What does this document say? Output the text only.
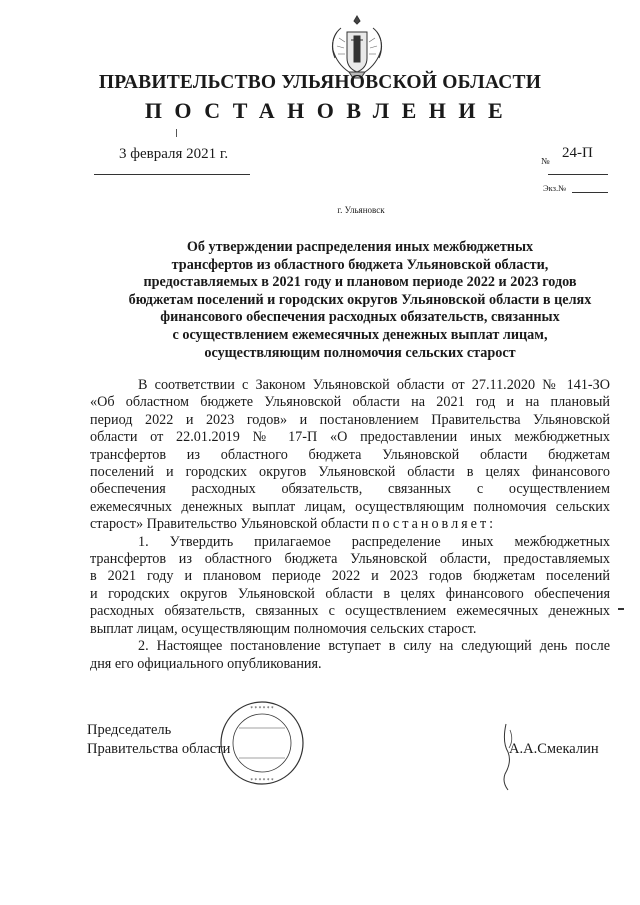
ПРАВИТЕЛЬСТВО УЛЬЯНОВСКОЙ ОБЛАСТИ
ПОСТАНОВЛЕНИЕ
3 февраля 2021 г.	№ 24-П
Экз.№
г. Ульяновск
Об утверждении распределения иных межбюджетных
трансфертов из областного бюджета Ульяновской области,
предоставляемых в 2021 году и плановом периоде 2022 и 2023 годов
бюджетам поселений и городских округов Ульяновской области в целях
финансового обеспечения расходных обязательств, связанных
с осуществлением ежемесячных денежных выплат лицам,
осуществляющим полномочия сельских старост
В соответствии с Законом Ульяновской области от 27.11.2020 № 141-ЗО
«Об областном бюджете Ульяновской области на 2021 год и на плановый
период 2022 и 2023 годов» и постановлением Правительства Ульяновской
области от 22.01.2019 № 17-П «О предоставлении иных межбюджетных
трансфертов из областного бюджета Ульяновской области бюджетам
поселений и городских округов Ульяновской области в целях финансового
обеспечения расходных обязательств, связанных с осуществлением
ежемесячных денежных выплат лицам, осуществляющим полномочия сельских
старост» Правительство Ульяновской области постановляет:
1. Утвердить прилагаемое распределение иных межбюджетных
трансфертов из областного бюджета Ульяновской области, предоставляемых
в 2021 году и плановом периоде 2022 и 2023 годов бюджетам поселений
и городских округов Ульяновской области в целях финансового обеспечения
расходных обязательств, связанных с осуществлением ежемесячных денежных
выплат лицам, осуществляющим полномочия сельских старост.
2. Настоящее постановление вступает в силу на следующий день после
дня его официального опубликования.
Председатель
Правительства области	А.А.Смекалин
* * * * * *
* * * * * *
